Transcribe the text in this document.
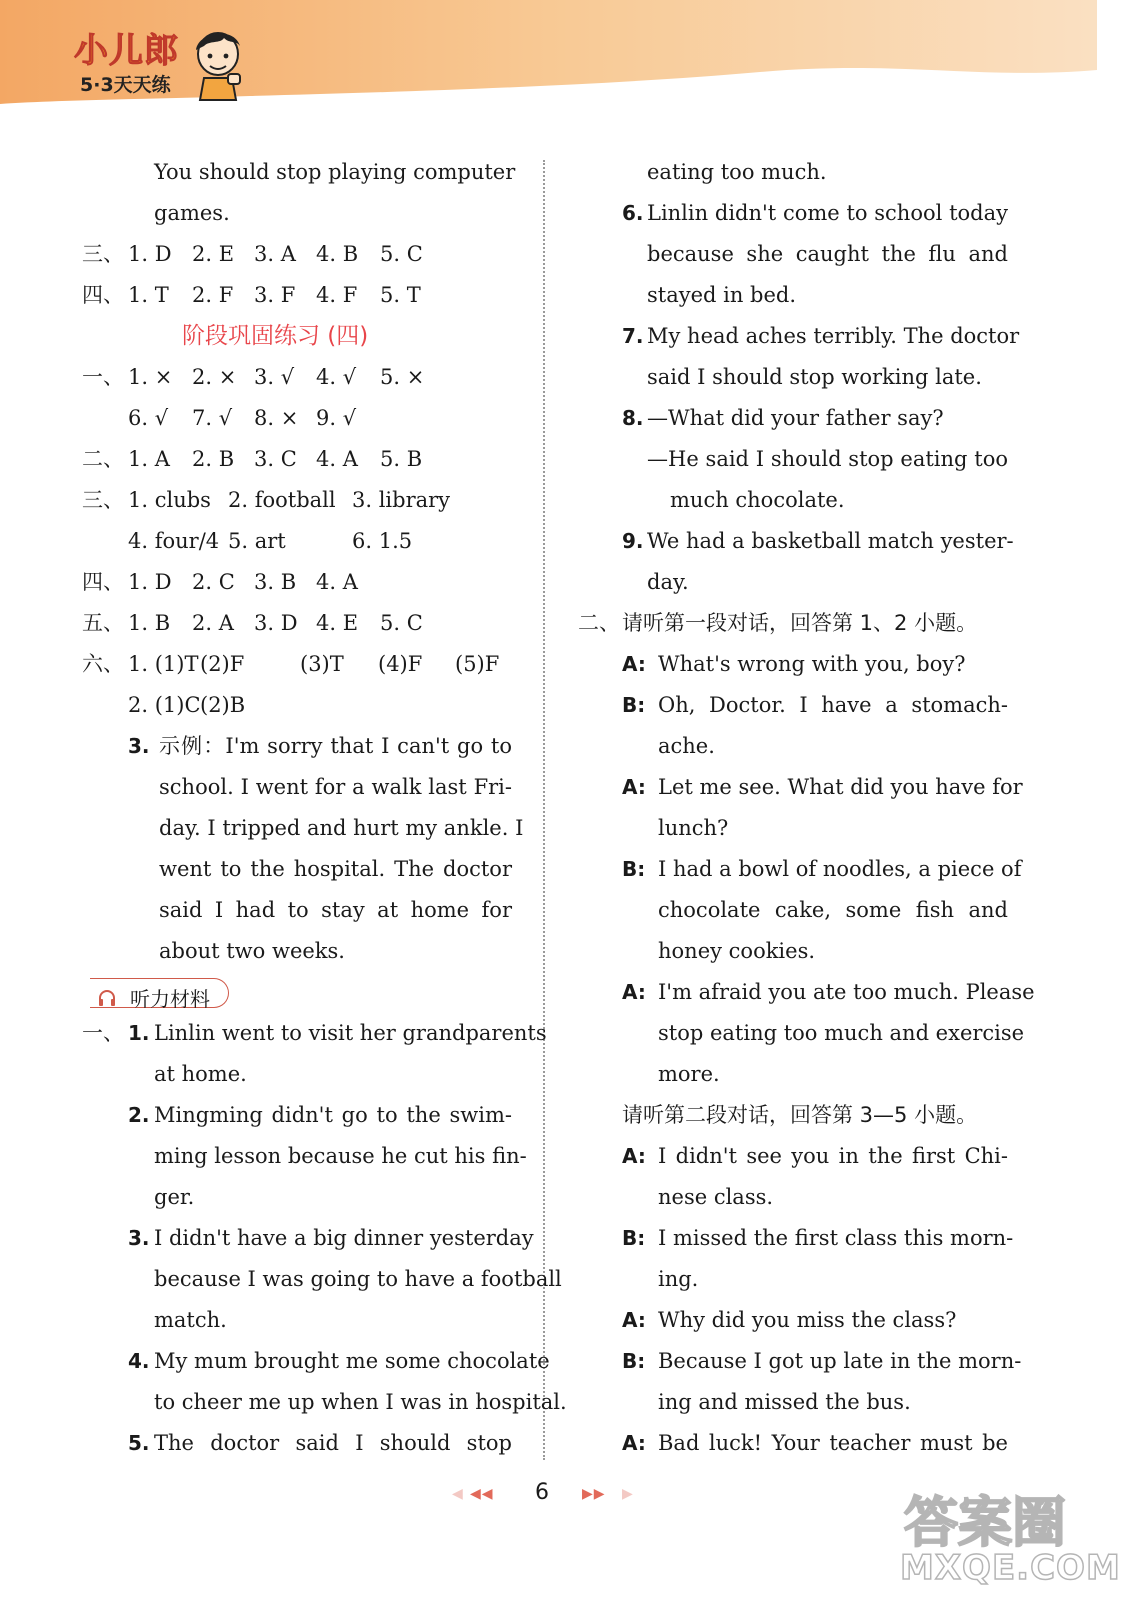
小儿郎
5·3天天练
You should stop playing computer
games.
三、 1. D 2. E 3. A 4. B 5. C
四、 1. T 2. F 3. F 4. F 5. T
阶段巩固练习 (四)
一、 1. × 2. × 3. √ 4. √ 5. ×
6. √ 7. √ 8. × 9. √
二、 1. A 2. B 3. C 4. A 5. B
三、 1. clubs 2. football 3. library
4. four/4 5. art	6. 1.5
四、 1. D 2. C 3. B 4. A
五、 1. B 2. A 3. D 4. E 5. C
六、 1. (1)T (2)F	(3)T (4)F (5)F
2. (1)C (2)B
3. 示例：I'm sorry that I can't go to
school. I went for a walk last Fri-
day. I tripped and hurt my ankle. I
went to the hospital. The doctor
said I had to stay at home for
about two weeks.
听力材料
一、 1. Linlin went to visit her grandparents
at home.
2. Mingming didn't go to the swim-
ming lesson because he cut his fin-
ger.
3. I didn't have a big dinner yesterday
because I was going to have a football
match.
4. My mum brought me some chocolate
to cheer me up when I was in hospital.
5. The doctor said I should stop
eating too much.
6. Linlin didn't come to school today
because she caught the flu and
stayed in bed.
7. My head aches terribly. The doctor
said I should stop working late.
8. —What did your father say?
—He said I should stop eating too
much chocolate.
9. We had a basketball match yester-
day.
二、 请听第一段对话，回答第 1、2 小题。
A: What's wrong with you, boy?
B: Oh, Doctor. I have a stomach-
ache.
A: Let me see. What did you have for
lunch?
B: I had a bowl of noodles, a piece of
chocolate cake, some fish and
honey cookies.
A: I'm afraid you ate too much. Please
stop eating too much and exercise
more.
请听第二段对话，回答第 3—5 小题。
A: I didn't see you in the first Chi-
nese class.
B: I missed the first class this morn-
ing.
A: Why did you miss the class?
B: Because I got up late in the morn-
ing and missed the bus.
A: Bad luck! Your teacher must be
◀ ◀◀ 6 ▶▶ ▶	答案圈
MXQE.COM
